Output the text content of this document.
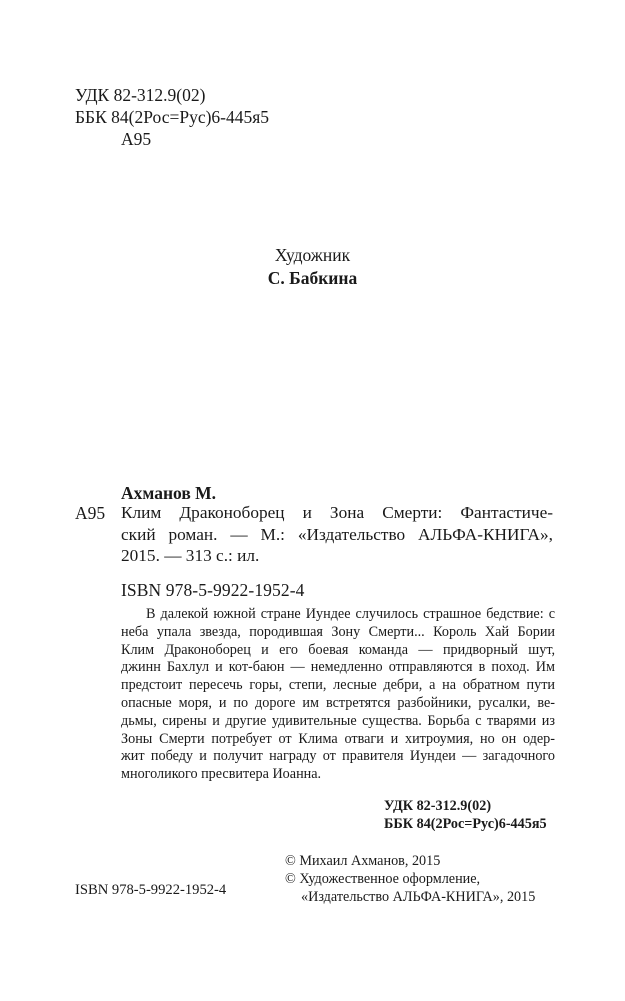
УДК 82-312.9(02)
ББК 84(2Рос=Рус)6-445я5
А95
Художник
С. Бабкина
Ахманов М.
А95 Клим Драконоборец и Зона Смерти: Фантастиче-
ский роман. — М.: «Издательство АЛЬФА-КНИГА»,
2015. — 313 с.: ил.
ISBN 978-5-9922-1952-4
В далекой южной стране Иундее случилось страшное бедствие: с
неба упала звезда, породившая Зону Смерти... Король Хай Бории
Клим Драконоборец и его боевая команда — придворный шут,
джинн Бахлул и кот-баюн — немедленно отправляются в поход. Им
предстоит пересечь горы, степи, лесные дебри, а на обратном пути
опасные моря, и по дороге им встретятся разбойники, русалки, ве-
дьмы, сирены и другие удивительные существа. Борьба с тварями из
Зоны Смерти потребует от Клима отваги и хитроумия, но он одер-
жит победу и получит награду от правителя Иундеи — загадочного
многоликого пресвитера Иоанна.
УДК 82-312.9(02)
ББК 84(2Рос=Рус)6-445я5
© Михаил Ахманов, 2015
© Художественное оформление,
«Издательство АЛЬФА-КНИГА», 2015
ISBN 978-5-9922-1952-4
